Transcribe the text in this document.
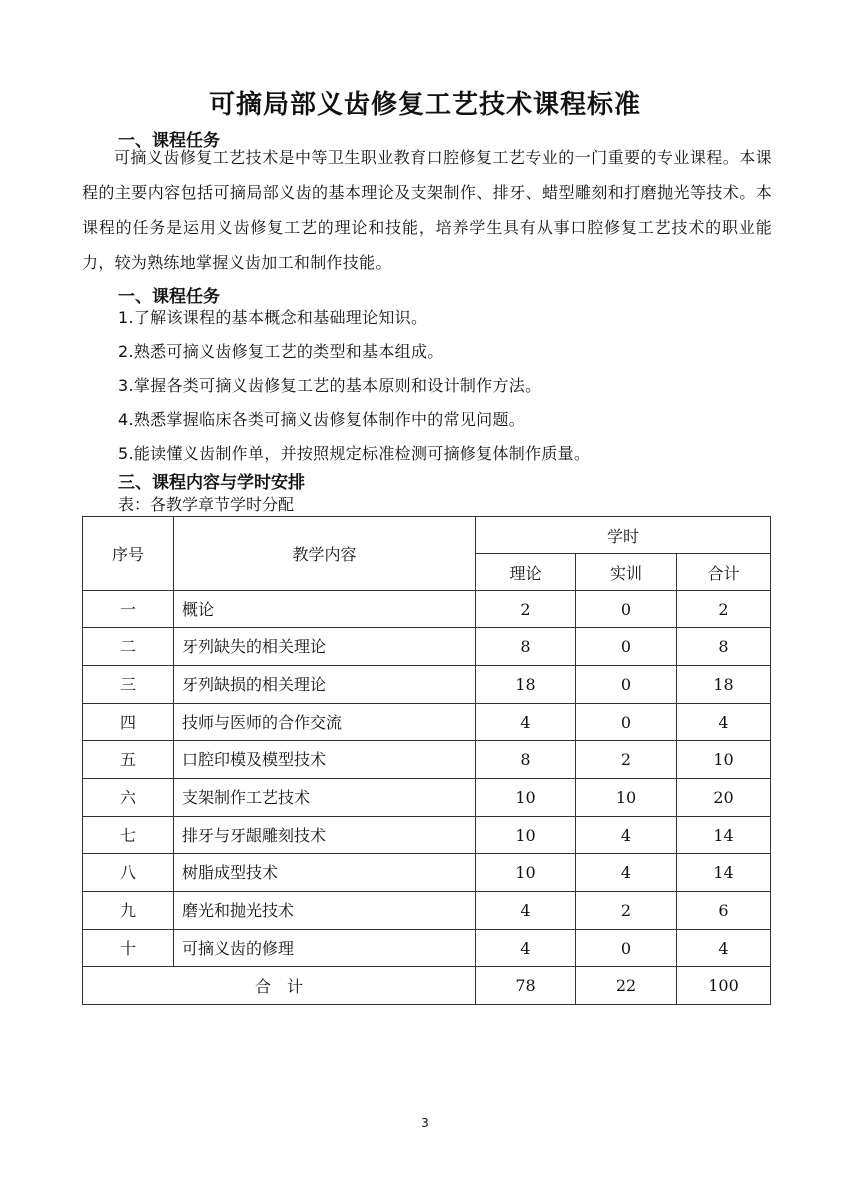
可摘局部义齿修复工艺技术课程标准
一、课程任务
可摘义齿修复工艺技术是中等卫生职业教育口腔修复工艺专业的一门重要的专业课程。本课程的主要内容包括可摘局部义齿的基本理论及支架制作、排牙、蜡型雕刻和打磨抛光等技术。本课程的任务是运用义齿修复工艺的理论和技能，培养学生具有从事口腔修复工艺技术的职业能力，较为熟练地掌握义齿加工和制作技能。
一、课程任务
1.了解该课程的基本概念和基础理论知识。
2.熟悉可摘义齿修复工艺的类型和基本组成。
3.掌握各类可摘义齿修复工艺的基本原则和设计制作方法。
4.熟悉掌握临床各类可摘义齿修复体制作中的常见问题。
5.能读懂义齿制作单，并按照规定标准检测可摘修复体制作质量。
三、课程内容与学时安排
表：各教学章节学时分配
序号	教学内容	学时		
		理论	实训	合计
一	概论	2	0	2
二	牙列缺失的相关理论	8	0	8
三	牙列缺损的相关理论	18	0	18
四	技师与医师的合作交流	4	0	4
五	口腔印模及模型技术	8	2	10
六	支架制作工艺技术	10	10	20
七	排牙与牙龈雕刻技术	10	4	14
八	树脂成型技术	10	4	14
九	磨光和抛光技术	4	2	6
十	可摘义齿的修理	4	0	4
合　计		78	22	100
3
